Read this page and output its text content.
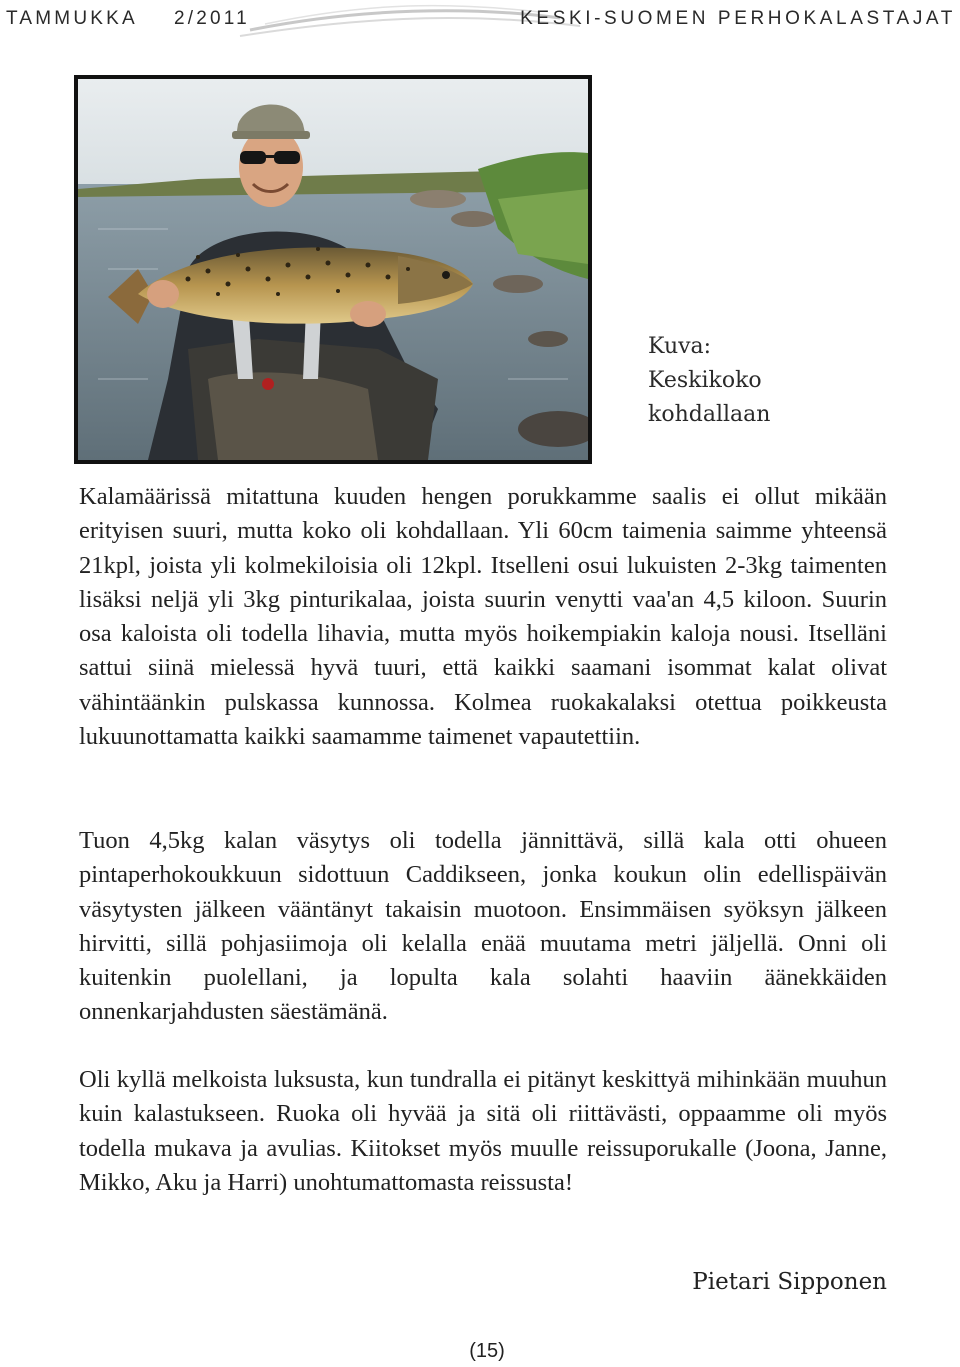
TAMMUKKA 2/2011	KESKI-SUOMEN PERHOKALASTAJAT
Kuva:
Keskikoko
kohdallaan

Kalamäärissä mitattuna kuuden hengen porukkamme saalis ei ollut mikään erityisen suuri, mutta koko oli kohdallaan. Yli 60cm taimenia saimme yhteensä 21kpl, joista yli kolmekiloisia oli 12kpl. Itselleni osui lukuisten 2-3kg taimenten lisäksi neljä yli 3kg pinturikalaa, joista suurin venytti vaa'an 4,5 kiloon. Suurin osa kaloista oli todella lihavia, mutta myös hoikempiakin kaloja nousi. Itselläni sattui siinä mielessä hyvä tuuri, että kaikki saamani isommat kalat olivat vähintäänkin pulskassa kunnossa. Kolmea ruokakalaksi otettua poikkeusta lukuunottamatta kaikki saamamme taimenet vapautettiin.

Tuon 4,5kg kalan väsytys oli todella jännittävä, sillä kala otti ohueen pintaperhokoukkuun sidottuun Caddikseen, jonka koukun olin edellispäivän väsytysten jälkeen vääntänyt takaisin muotoon. Ensimmäisen syöksyn jälkeen hirvitti, sillä pohjasiimoja oli kelalla enää muutama metri jäljellä. Onni oli kuitenkin puolellani, ja lopulta kala solahti haaviin äänekkäiden onnenkarjahdusten säestämänä.

Oli kyllä melkoista luksusta, kun tundralla ei pitänyt keskittyä mihinkään muuhun kuin kalastukseen. Ruoka oli hyvää ja sitä oli riittävästi, oppaamme oli myös todella mukava ja avulias. Kiitokset myös muulle reissuporukalle (Joona, Janne, Mikko, Aku ja Harri) unohtumattomasta reissusta!

Pietari Sipponen
(15)
